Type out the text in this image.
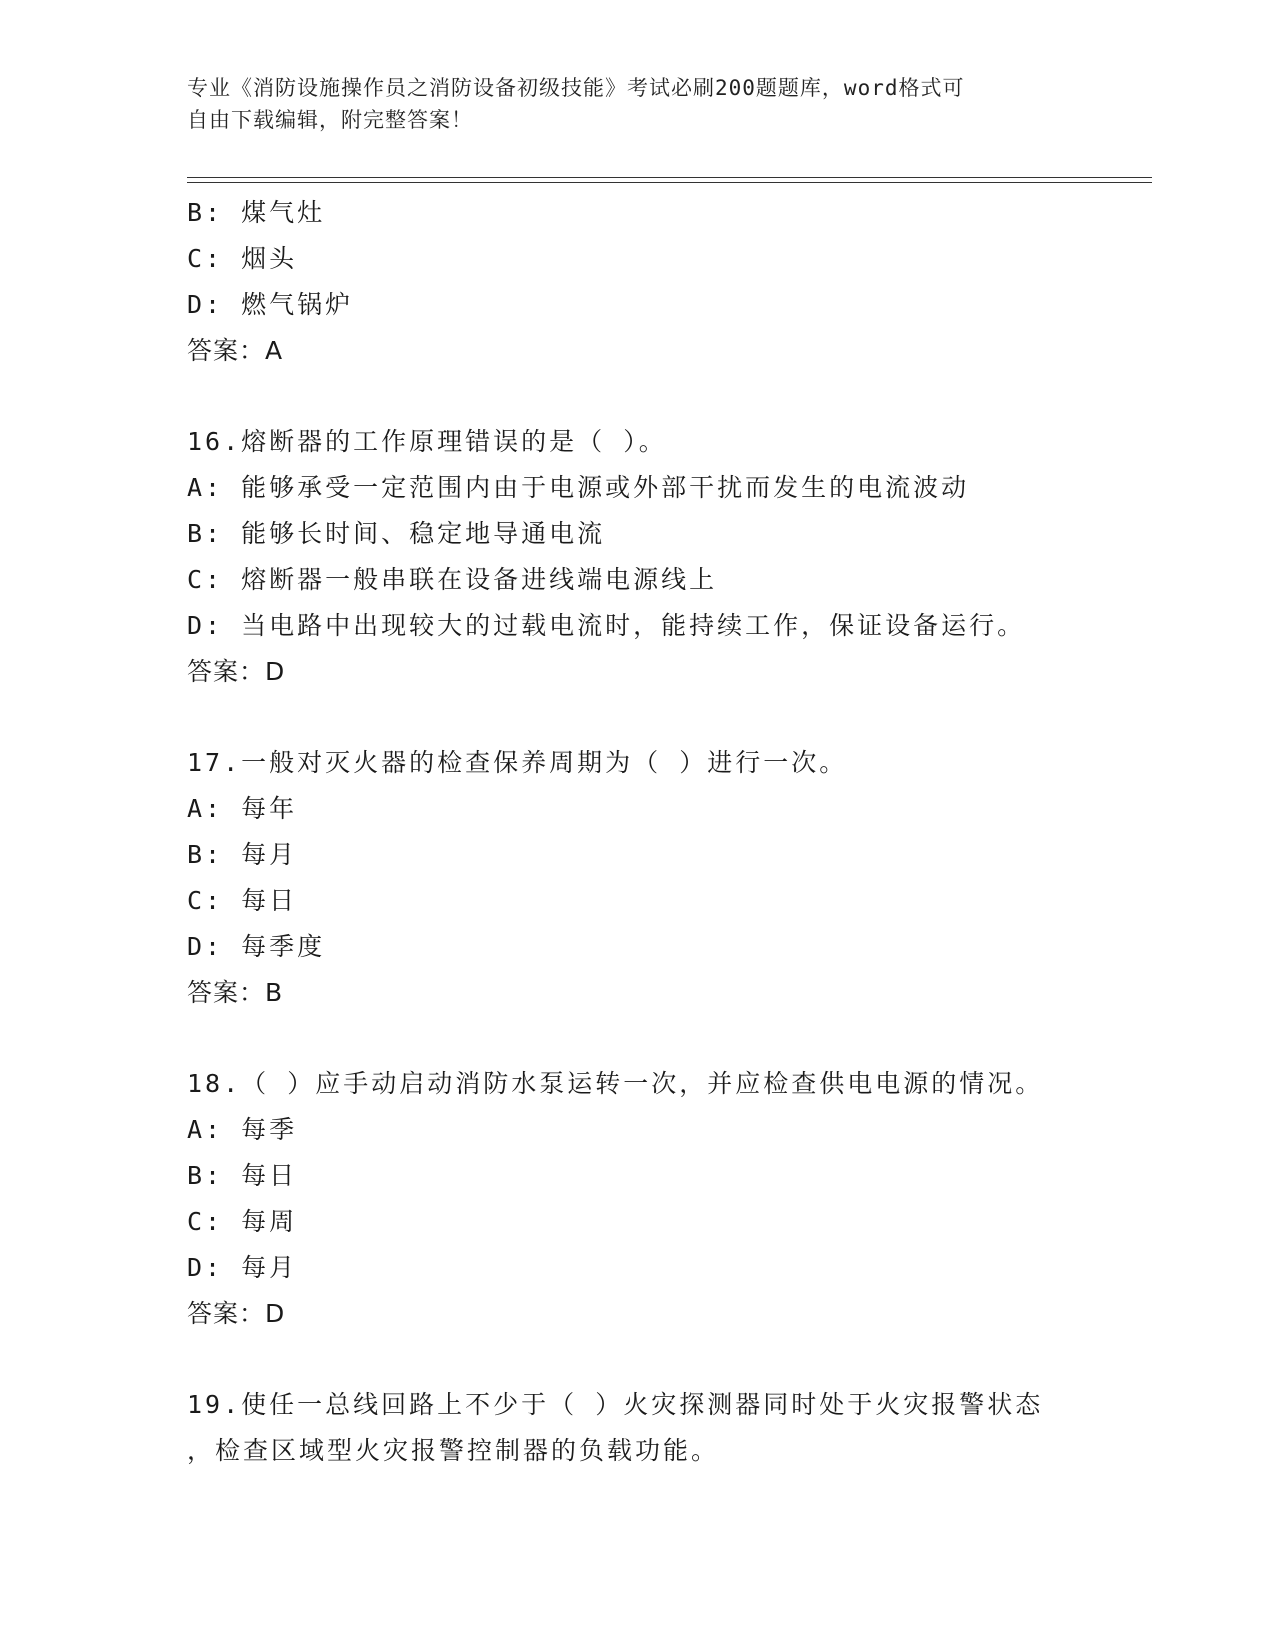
专业《消防设施操作员之消防设备初级技能》考试必刷200题题库，word格式可
自由下载编辑，附完整答案！
B: 煤气灶
C: 烟头
D: 燃气锅炉
答案：A
16.熔断器的工作原理错误的是（ ）。
A: 能够承受一定范围内由于电源或外部干扰而发生的电流波动
B: 能够长时间、稳定地导通电流
C: 熔断器一般串联在设备进线端电源线上
D: 当电路中出现较大的过载电流时，能持续工作，保证设备运行。
答案：D
17.一般对灭火器的检查保养周期为（ ）进行一次。
A: 每年
B: 每月
C: 每日
D: 每季度
答案：B
18.（ ）应手动启动消防水泵运转一次，并应检查供电电源的情况。
A: 每季
B: 每日
C: 每周
D: 每月
答案：D
19.使任一总线回路上不少于（ ）火灾探测器同时处于火灾报警状态
，检查区域型火灾报警控制器的负载功能。
